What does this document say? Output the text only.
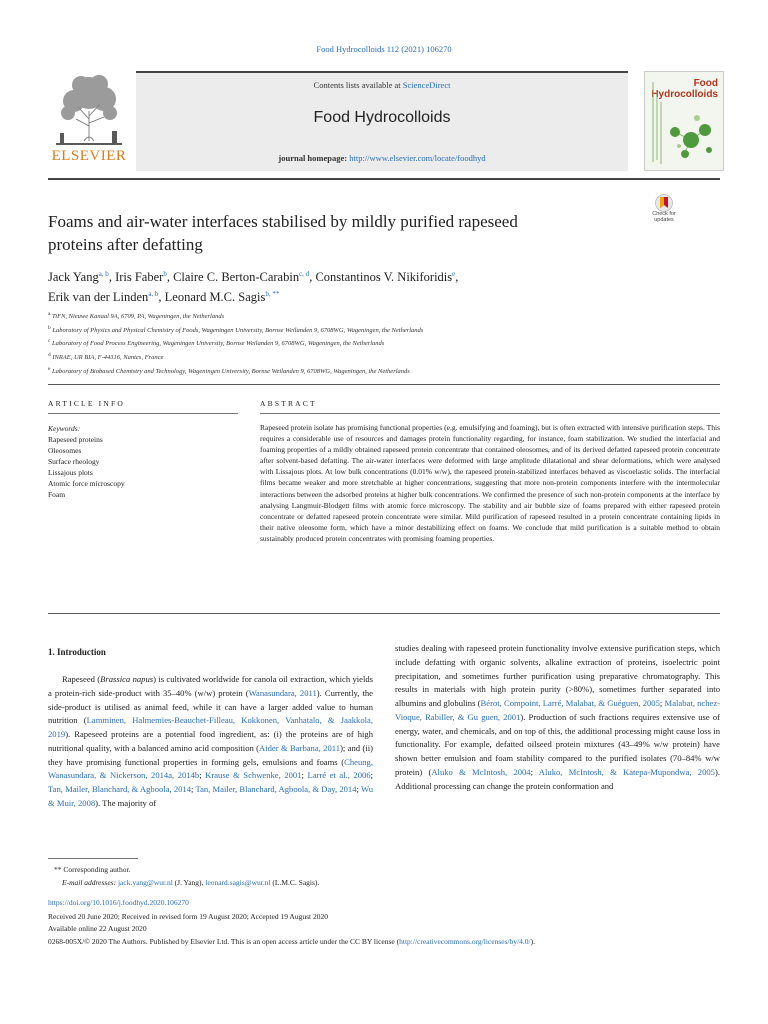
Food Hydrocolloids 112 (2021) 106270
ELSEVIER
Contents lists available at ScienceDirect
Food Hydrocolloids
journal homepage: http://www.elsevier.com/locate/foodhyd
Food
Hydrocolloids
Foams and air-water interfaces stabilised by mildly purified rapeseed
proteins after defatting
Check for
updates
Jack Yang$^{a, b}$, Iris Faber$^b$, Claire C. Berton-Carabin$^{c, d}$, Constantinos V. Nikiforidis$^e$,
Erik van der Linden$^{a, b}$, Leonard M.C. Sagis$^{b, **}$
$^a$ TiFN, Nieuwe Kanaal 9A, 6709, PA, Wageningen, the Netherlands
$^b$ Laboratory of Physics and Physical Chemistry of Foods, Wageningen University, Bornse Weilanden 9, 6708WG, Wageningen, the Netherlands
$^c$ Laboratory of Food Process Engineering, Wageningen University, Bornse Weilanden 9, 6708WG, Wageningen, the Netherlands
$^d$ INRAE, UR BIA, F-44316, Nantes, France
$^e$ Laboratory of Biobased Chemistry and Technology, Wageningen University, Bornse Weilanden 9, 6708WG, Wageningen, the Netherlands
ARTICLE INFO
Keywords:
Rapeseed proteins
Oleosomes
Surface rheology
Lissajous plots
Atomic force microscopy
Foam
ABSTRACT
Rapeseed protein isolate has promising functional properties (e.g. emulsifying and foaming), but is often extracted with intensive purification steps. This requires a considerable use of resources and damages protein functionality regarding, for instance, foam stabilization. We studied the interfacial and foaming properties of a mildly obtained rapeseed protein concentrate that contained oleosomes, and of its derived defatted rapeseed protein concentrate after solvent-based defatting. The air-water interfaces were deformed with large amplitude dilatational and shear deformations, which were analysed with Lissajous plots. At low bulk concentrations (0.01% w/w), the rapeseed protein-stabilized interfaces behaved as viscoelastic solids. The interfacial films became weaker and more stretchable at higher concentrations, suggesting that more non-protein components interfere with the intermolecular interactions between the adsorbed proteins at higher bulk concentrations. We confirmed the presence of such non-protein components at the interface by analysing Langmuir-Blodgett films with atomic force microscopy. The stability and air bubble size of foams prepared with either rapeseed protein concentrate or defatted rapeseed protein concentrate were similar. Mild purification of rapeseed resulted in a protein concentrate containing lipids in their native oleosome form, which have a minor destabilizing effect on foams. We conclude that mild purification is a suitable method to obtain sustainably produced protein concentrates with promising foaming properties.
1. Introduction
Rapeseed (Brassica napus) is cultivated worldwide for canola oil extraction, which yields a protein-rich side-product with 35–40% (w/w) protein (Wanasundara, 2011). Currently, the side-product is utilised as animal feed, while it can have a larger added value to human nutrition (Lamminen, Halmemies-Beauchet-Filleau, Kokkonen, Vanhatalo, & Jaakkola, 2019). Rapeseed proteins are a potential food ingredient, as: (i) the proteins are of high nutritional quality, with a balanced amino acid composition (Aider & Barbana, 2011); and (ii) they have promising functional properties in forming gels, emulsions and foams (Cheung, Wanasundara, & Nickerson, 2014a, 2014b; Krause & Schwenke, 2001; Larré et al., 2006; Tan, Mailer, Blanchard, & Agboola, 2014; Tan, Mailer, Blanchard, Agboola, & Day, 2014; Wu & Muir, 2008). The majority of
studies dealing with rapeseed protein functionality involve extensive purification steps, which include defatting with organic solvents, alkaline extraction of proteins, isoelectric point precipitation, and sometimes further purification using preparative chromatography. This results in materials with high protein purity (>80%), sometimes further separated into albumins and globulins (Bérot, Compoint, Larré, Malabat, & Guéguen, 2005; Malabat, nchez-Vioque, Rabiller, & Gu guen, 2001). Production of such fractions requires extensive use of energy, water, and chemicals, and on top of this, the additional processing might cause loss in functionality. For example, defatted oilseed protein mixtures (43–49% w/w protein) have shown better emulsion and foam stability compared to the purified isolates (70–84% w/w protein) (Aluko & McIntosh, 2004; Aluko, McIntosh, & Katepa-Mupondwa, 2005). Additional processing can change the protein conformation and
** Corresponding author.
E-mail addresses: jack.yang@wur.nl (J. Yang), leonard.sagis@wur.nl (L.M.C. Sagis).
https://doi.org/10.1016/j.foodhyd.2020.106270
Received 20 June 2020; Received in revised form 19 August 2020; Accepted 19 August 2020
Available online 22 August 2020
0268-005X/© 2020 The Authors. Published by Elsevier Ltd. This is an open access article under the CC BY license (http://creativecommons.org/licenses/by/4.0/).
